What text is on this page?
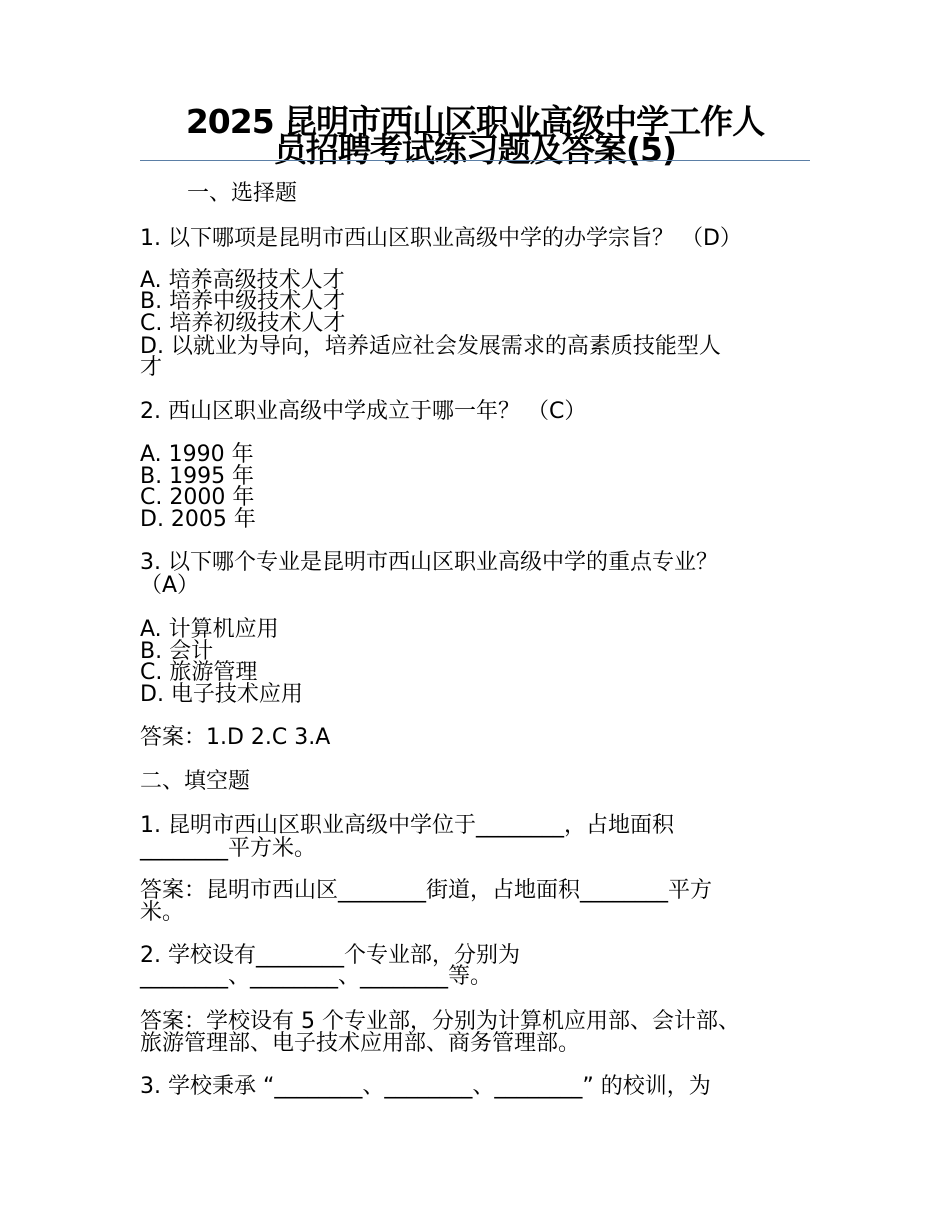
2025 昆明市西山区职业高级中学工作人
员招聘考试练习题及答案(5)
一、选择题
1. 以下哪项是昆明市西山区职业高级中学的办学宗旨？ （D）
A. 培养高级技术人才
B. 培养中级技术人才
C. 培养初级技术人才
D. 以就业为导向，培养适应社会发展需求的高素质技能型人
才
2. 西山区职业高级中学成立于哪一年？ （C）
A. 1990 年
B. 1995 年
C. 2000 年
D. 2005 年
3. 以下哪个专业是昆明市西山区职业高级中学的重点专业？
（A）
A. 计算机应用
B. 会计
C. 旅游管理
D. 电子技术应用
答案：1.D 2.C 3.A
二、填空题
1. 昆明市西山区职业高级中学位于________，占地面积
________平方米。
答案：昆明市西山区________街道，占地面积________平方
米。
2. 学校设有________个专业部，分别为
________、________、________等。
答案：学校设有 5 个专业部，分别为计算机应用部、会计部、
旅游管理部、电子技术应用部、商务管理部。
3. 学校秉承 “________、________、________” 的校训，为
